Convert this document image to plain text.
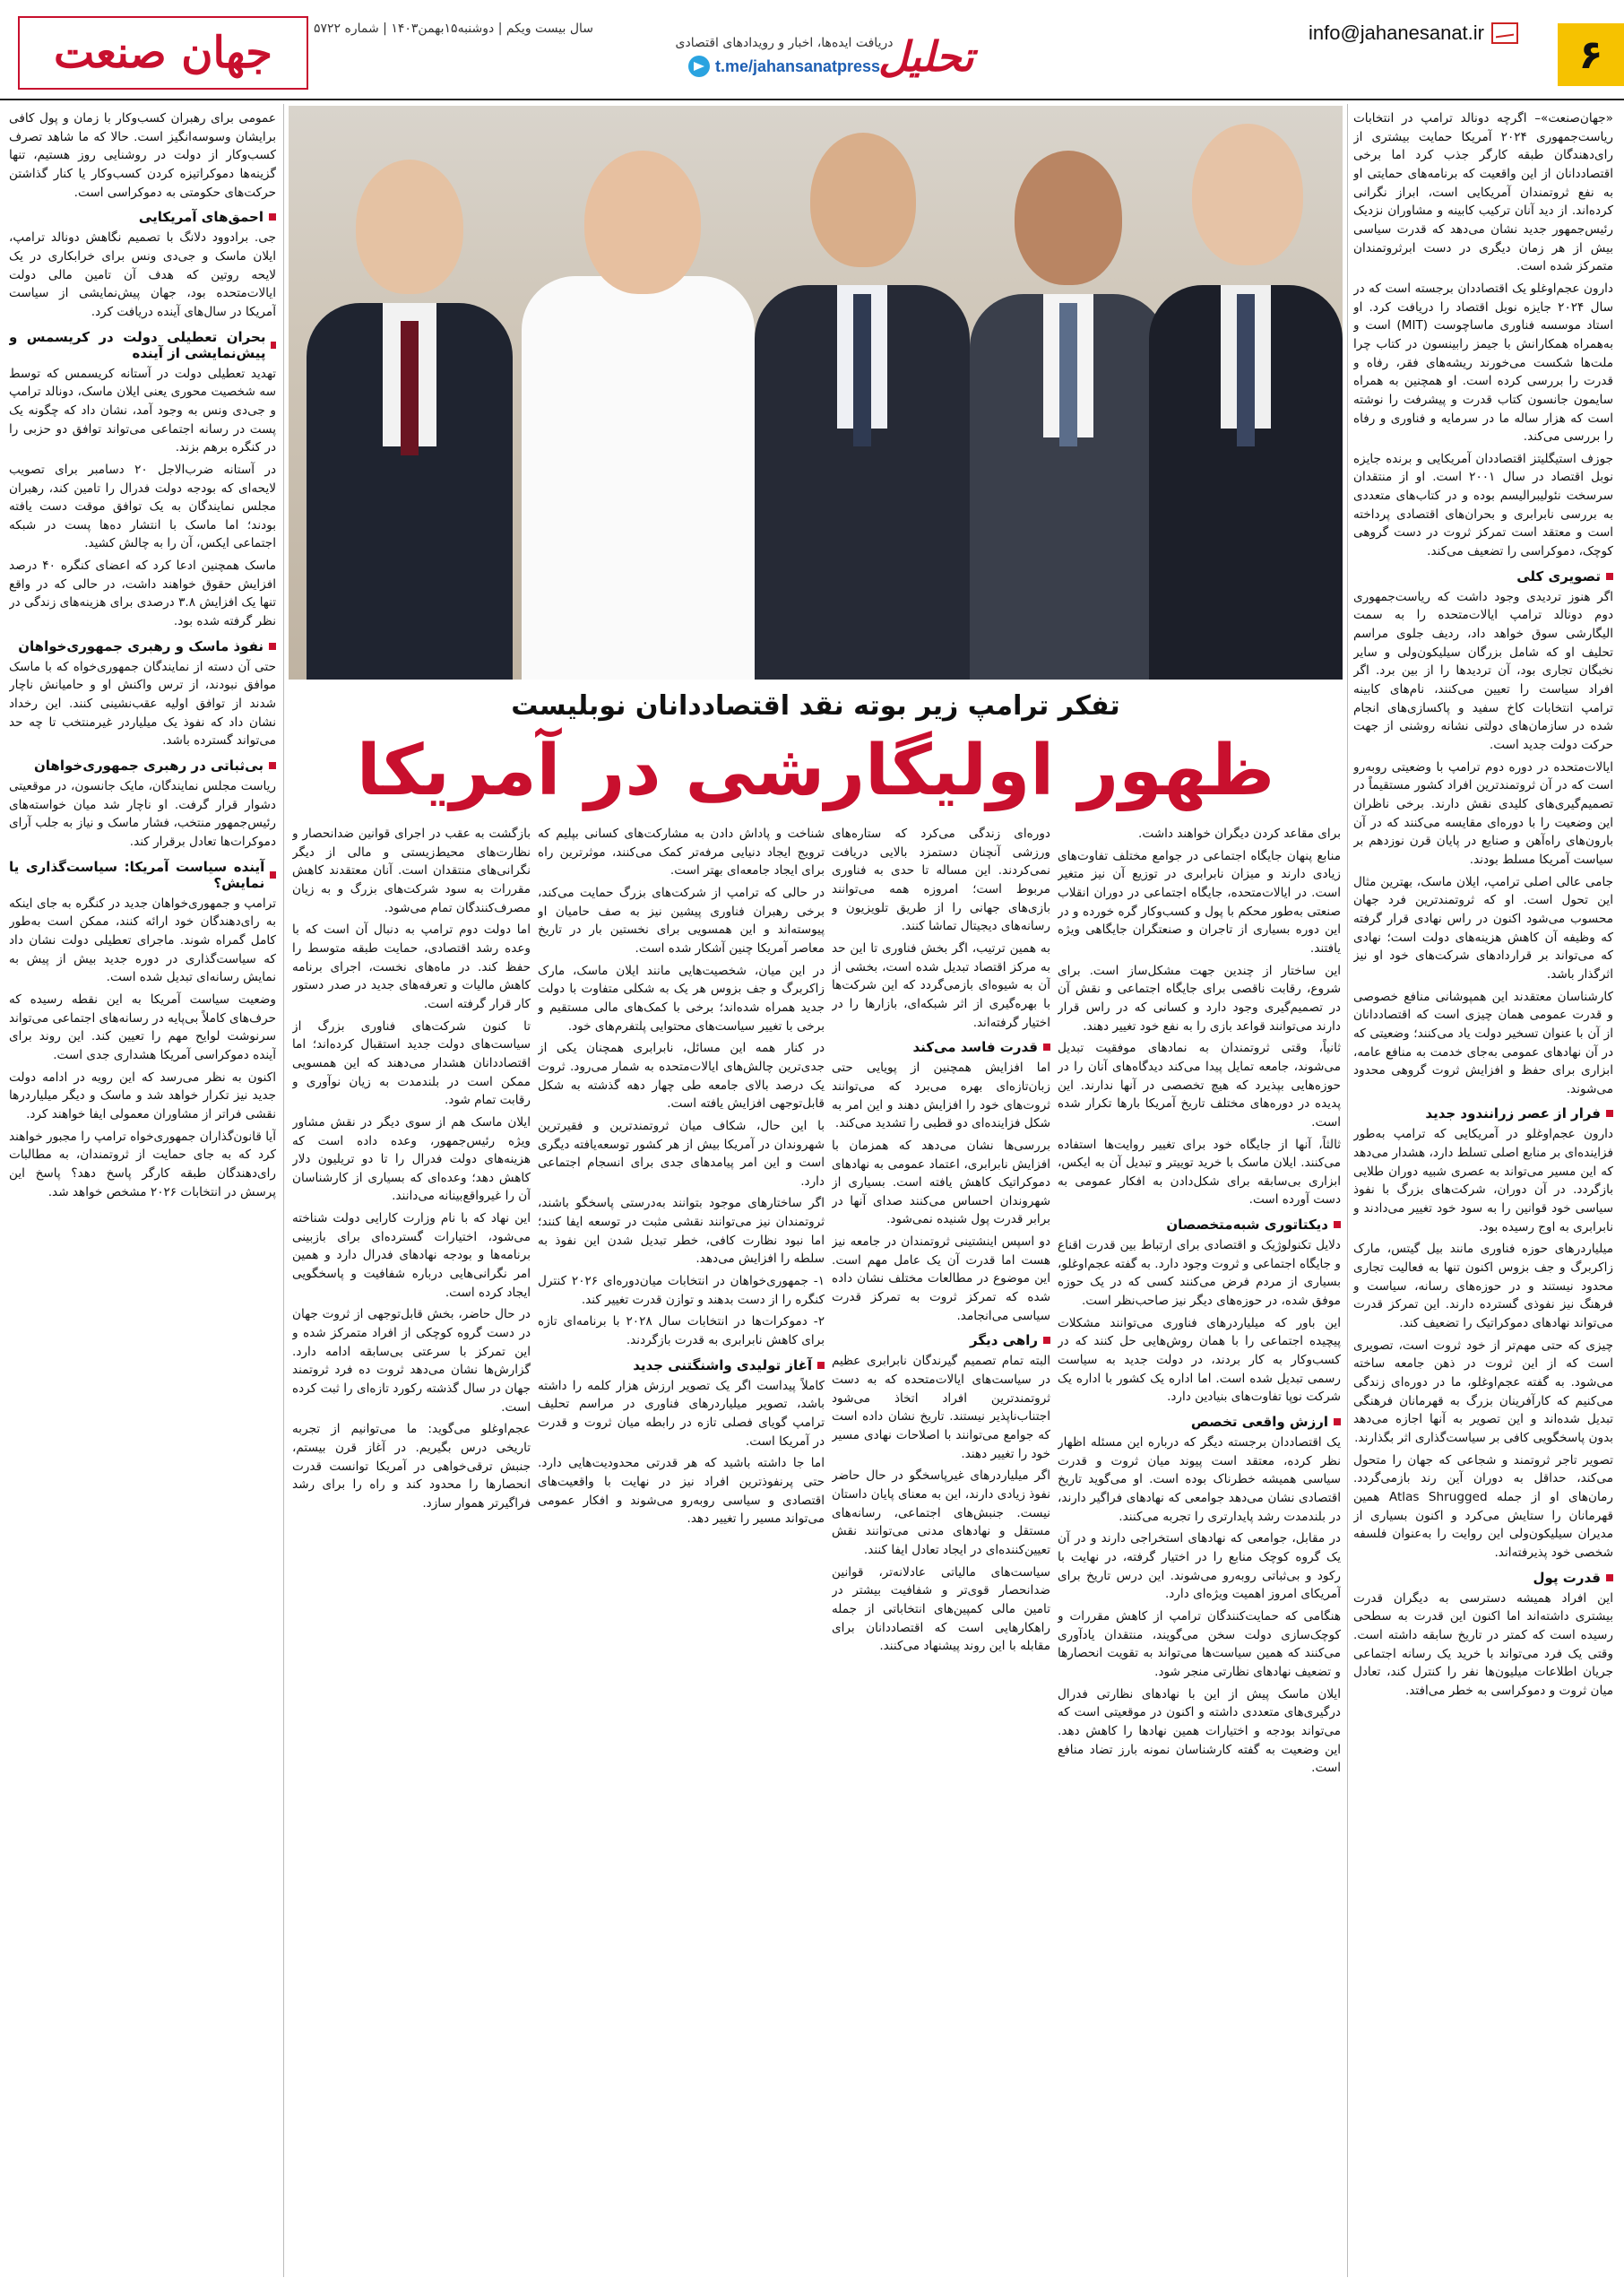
۶
info@jahanesanat.ir
تحلیل
دریافت ایده‌ها، اخبار و رویدادهای اقتصادی
t.me/jahansanatpress
سال بیست ویکم | دوشنبه۱۵بهمن۱۴۰۳ | شماره ۵۷۲۲
جهان صنعت
تفکر ترامپ زیر بوته نقد اقتصاددانان نوبلیست
ظهور اولیگارشی در آمریکا

«جهان‌صنعت»– اگرچه دونالد ترامپ در انتخابات ریاست‌جمهوری ۲۰۲۴ آمریکا حمایت بیشتری از رای‌دهندگان طبقه کارگر جذب کرد اما برخی اقتصاددانان از این واقعیت که برنامه‌های حمایتی او به نفع ثروتمندان آمریکایی است، ابراز نگرانی کرده‌اند. از دید آنان ترکیب کابینه و مشاوران نزدیک رئیس‌جمهور جدید نشان می‌دهد که قدرت سیاسی بیش از هر زمان دیگری در دست ابرثروتمندان متمرکز شده است.

دارون عجم‌اوغلو یک اقتصاددان برجسته است که در سال ۲۰۲۴ جایزه نوبل اقتصاد را دریافت کرد. او استاد موسسه فناوری ماساچوست (MIT) است و به‌همراه همکارانش با جیمز رابینسون در کتاب چرا ملت‌ها شکست می‌خورند ریشه‌های فقر، رفاه و قدرت را بررسی کرده است. او همچنین به همراه سایمون جانسون کتاب قدرت و پیشرفت را نوشته است که هزار ساله ما در سرمایه و فناوری و رفاه را بررسی می‌کند.

جوزف استیگلیتز اقتصاددان آمریکایی و برنده جایزه نوبل اقتصاد در سال ۲۰۰۱ است. او از منتقدان سرسخت نئولیبرالیسم بوده و در کتاب‌های متعددی به بررسی نابرابری و بحران‌های اقتصادی پرداخته است و معتقد است تمرکز ثروت در دست گروهی کوچک، دموکراسی را تضعیف می‌کند.

تصویری کلی

اگر هنوز تردیدی وجود داشت که ریاست‌جمهوری دوم دونالد ترامپ ایالات‌متحده را به سمت الیگارشی سوق خواهد داد، ردیف جلوی مراسم تحلیف او که شامل بزرگان سیلیکون‌ولی و سایر نخبگان تجاری بود، آن تردیدها را از بین برد. اگر افراد سیاست را تعیین می‌کنند، نام‌های کابینه ترامپ انتخابات کاخ سفید و پاکسازی‌های انجام شده در سازمان‌های دولتی نشانه روشنی از جهت حرکت دولت جدید است.

ایالات‌متحده در دوره دوم ترامپ با وضعیتی روبه‌رو است که در آن ثروتمندترین افراد کشور مستقیماً در تصمیم‌گیری‌های کلیدی نقش دارند. برخی ناظران این وضعیت را با دوره‌ای مقایسه می‌کنند که در آن بارون‌های راه‌آهن و صنایع در پایان قرن نوزدهم بر سیاست آمریکا مسلط بودند.

جامی عالی اصلی ترامپ، ایلان ماسک، بهترین مثال این تحول است. او که ثروتمندترین فرد جهان محسوب می‌شود اکنون در راس نهادی قرار گرفته که وظیفه آن کاهش هزینه‌های دولت است؛ نهادی که می‌تواند بر قراردادهای شرکت‌های خود او نیز اثرگذار باشد.

کارشناسان معتقدند این همپوشانی منافع خصوصی و قدرت عمومی همان چیزی است که اقتصاددانان از آن با عنوان تسخیر دولت یاد می‌کنند؛ وضعیتی که در آن نهادهای عمومی به‌جای خدمت به منافع عامه، ابزاری برای حفظ و افزایش ثروت گروهی محدود می‌شوند.

فرار از عصر زرانندود جدید

دارون عجم‌اوغلو در آمریکایی که ترامپ به‌طور فزاینده‌ای بر منابع اصلی تسلط دارد، هشدار می‌دهد که این مسیر می‌تواند به عصری شبیه دوران طلایی بازگردد. در آن دوران، شرکت‌های بزرگ با نفوذ سیاسی خود قوانین را به سود خود تغییر می‌دادند و نابرابری به اوج رسیده بود.

میلیاردرهای حوزه فناوری مانند بیل گیتس، مارک زاکربرگ و جف بزوس اکنون تنها به فعالیت تجاری محدود نیستند و در حوزه‌های رسانه، سیاست و فرهنگ نیز نفوذی گسترده دارند. این تمرکز قدرت می‌تواند نهادهای دموکراتیک را تضعیف کند.

چیزی که حتی مهم‌تر از خود ثروت است، تصویری است که از این ثروت در ذهن جامعه ساخته می‌شود. به گفته عجم‌اوغلو، ما در دوره‌ای زندگی می‌کنیم که کارآفرینان بزرگ به قهرمانان فرهنگی تبدیل شده‌اند و این تصویر به آنها اجازه می‌دهد بدون پاسخگویی کافی بر سیاست‌گذاری اثر بگذارند.

تصویر تاجر ثروتمند و شجاعی که جهان را متحول می‌کند، حداقل به دوران آین رند بازمی‌گردد. رمان‌های او از جمله Atlas Shrugged همین قهرمانان را ستایش می‌کرد و اکنون بسیاری از مدیران سیلیکون‌ولی این روایت را به‌عنوان فلسفه شخصی خود پذیرفته‌اند.

قدرت پول

این افراد همیشه دسترسی به دیگران قدرت بیشتری داشته‌اند اما اکنون این قدرت به سطحی رسیده است که کمتر در تاریخ سابقه داشته است. وقتی یک فرد می‌تواند با خرید یک رسانه اجتماعی جریان اطلاعات میلیون‌ها نفر را کنترل کند، تعادل میان ثروت و دموکراسی به خطر می‌افتد.

برای مقاعد کردن دیگران خواهند داشت.

منابع پنهان جایگاه اجتماعی در جوامع مختلف تفاوت‌های زیادی دارند و میزان نابرابری در توزیع آن نیز متغیر است. در ایالات‌متحده، جایگاه اجتماعی در دوران انقلاب صنعتی به‌طور محکم با پول و کسب‌وکار گره خورده و در این دوره بسیاری از تاجران و صنعتگران جایگاهی ویژه یافتند.

این ساختار از چندین جهت مشکل‌ساز است. برای شروع، رقابت ناقصی برای جایگاه اجتماعی و نقش آن در تصمیم‌گیری وجود دارد و کسانی که در راس قرار دارند می‌توانند قواعد بازی را به نفع خود تغییر دهند.

ثانیاً، وقتی ثروتمندان به نمادهای موفقیت تبدیل می‌شوند، جامعه تمایل پیدا می‌کند دیدگاه‌های آنان را در حوزه‌هایی بپذیرد که هیچ تخصصی در آنها ندارند. این پدیده در دوره‌های مختلف تاریخ آمریکا بارها تکرار شده است.

ثالثاً، آنها از جایگاه خود برای تغییر روایت‌ها استفاده می‌کنند. ایلان ماسک با خرید توییتر و تبدیل آن به ایکس، ابزاری بی‌سابقه برای شکل‌دادن به افکار عمومی به دست آورده است.

دیکتاتوری شبه‌متخصصان

دلایل تکنولوژیک و اقتصادی برای ارتباط بین قدرت اقناع و جایگاه اجتماعی و ثروت وجود دارد. به گفته عجم‌اوغلو، بسیاری از مردم فرض می‌کنند کسی که در یک حوزه موفق شده، در حوزه‌های دیگر نیز صاحب‌نظر است.

این باور که میلیاردرهای فناوری می‌توانند مشکلات پیچیده اجتماعی را با همان روش‌هایی حل کنند که در کسب‌وکار به کار بردند، در دولت جدید به سیاست رسمی تبدیل شده است. اما اداره یک کشور با اداره یک شرکت نوپا تفاوت‌های بنیادین دارد.

ارزش واقعی تخصص

یک اقتصاددان برجسته دیگر که درباره این مسئله اظهار نظر کرده، معتقد است پیوند میان ثروت و قدرت سیاسی همیشه خطرناک بوده است. او می‌گوید تاریخ اقتصادی نشان می‌دهد جوامعی که نهادهای فراگیر دارند، در بلندمدت رشد پایدارتری را تجربه می‌کنند.

در مقابل، جوامعی که نهادهای استخراجی دارند و در آن یک گروه کوچک منابع را در اختیار گرفته، در نهایت با رکود و بی‌ثباتی روبه‌رو می‌شوند. این درس تاریخ برای آمریکای امروز اهمیت ویژه‌ای دارد.

هنگامی که حمایت‌کنندگان ترامپ از کاهش مقررات و کوچک‌سازی دولت سخن می‌گویند، منتقدان یادآوری می‌کنند که همین سیاست‌ها می‌تواند به تقویت انحصارها و تضعیف نهادهای نظارتی منجر شود.

ایلان ماسک پیش از این با نهادهای نظارتی فدرال درگیری‌های متعددی داشته و اکنون در موقعیتی است که می‌تواند بودجه و اختیارات همین نهادها را کاهش دهد. این وضعیت به گفته کارشناسان نمونه بارز تضاد منافع است.

دوره‌ای زندگی می‌کرد که ستاره‌های ورزشی آنچنان دستمزد بالایی دریافت نمی‌کردند. این مساله تا حدی به فناوری مربوط است؛ امروزه همه می‌توانند بازی‌های جهانی را از طریق تلویزیون و رسانه‌های دیجیتال تماشا کنند.

به همین ترتیب، اگر بخش فناوری تا این حد به مرکز اقتصاد تبدیل شده است، بخشی از آن به شیوه‌ای بازمی‌گردد که این شرکت‌ها با بهره‌گیری از اثر شبکه‌ای، بازارها را در اختیار گرفته‌اند.

قدرت فاسد می‌کند

اما افزایش همچنین از پویایی حتی زبان‌تازه‌ای بهره می‌برد که می‌توانند ثروت‌های خود را افزایش دهند و این امر به شکل فزاینده‌ای دو قطبی را تشدید می‌کند.

بررسی‌ها نشان می‌دهد که همزمان با افزایش نابرابری، اعتماد عمومی به نهادهای دموکراتیک کاهش یافته است. بسیاری از شهروندان احساس می‌کنند صدای آنها در برابر قدرت پول شنیده نمی‌شود.

دو اسپس اینشتینی ثروتمندان در جامعه نیز هست اما قدرت آن یک عامل مهم است. این موضوع در مطالعات مختلف نشان داده شده که تمرکز ثروت به تمرکز قدرت سیاسی می‌انجامد.

راهی دیگر

البته تمام تصمیم گیرندگان نابرابری عظیم در سیاست‌های ایالات‌متحده که به دست ثروتمندترین افراد اتخاذ می‌شود اجتناب‌ناپذیر نیستند. تاریخ نشان داده است که جوامع می‌توانند با اصلاحات نهادی مسیر خود را تغییر دهند.

اگر میلیاردرهای غیرپاسخگو در حال حاضر نفوذ زیادی دارند، این به معنای پایان داستان نیست. جنبش‌های اجتماعی، رسانه‌های مستقل و نهادهای مدنی می‌توانند نقش تعیین‌کننده‌ای در ایجاد تعادل ایفا کنند.

سیاست‌های مالیاتی عادلانه‌تر، قوانین ضدانحصار قوی‌تر و شفافیت بیشتر در تامین مالی کمپین‌های انتخاباتی از جمله راهکارهایی است که اقتصاددانان برای مقابله با این روند پیشنهاد می‌کنند.

شناخت و پاداش دادن به مشارکت‌های کسانی بپلیم که ترویج ایجاد دنیایی مرفه‌تر کمک می‌کنند، موثرترین راه برای ایجاد جامعه‌ای بهتر است.

در حالی که ترامپ از شرکت‌های بزرگ حمایت می‌کند، برخی رهبران فناوری پیشین نیز به صف حامیان او پیوسته‌اند و این همسویی برای نخستین بار در تاریخ معاصر آمریکا چنین آشکار شده است.

در این میان، شخصیت‌هایی مانند ایلان ماسک، مارک زاکربرگ و جف بزوس هر یک به شکلی متفاوت با دولت جدید همراه شده‌اند؛ برخی با کمک‌های مالی مستقیم و برخی با تغییر سیاست‌های محتوایی پلتفرم‌های خود.

در کنار همه این مسائل، نابرابری همچنان یکی از جدی‌ترین چالش‌های ایالات‌متحده به شمار می‌رود. ثروت یک درصد بالای جامعه طی چهار دهه گذشته به شکل قابل‌توجهی افزایش یافته است.

با این حال، شکاف میان ثروتمندترین و فقیرترین شهروندان در آمریکا بیش از هر کشور توسعه‌یافته دیگری است و این امر پیامدهای جدی برای انسجام اجتماعی دارد.

اگر ساختارهای موجود بتوانند به‌درستی پاسخگو باشند، ثروتمندان نیز می‌توانند نقشی مثبت در توسعه ایفا کنند؛ اما نبود نظارت کافی، خطر تبدیل شدن این نفوذ به سلطه را افزایش می‌دهد.

۱- جمهوری‌خواهان در انتخابات میان‌دوره‌ای ۲۰۲۶ کنترل کنگره را از دست بدهند و توازن قدرت تغییر کند.

۲- دموکرات‌ها در انتخابات سال ۲۰۲۸ با برنامه‌ای تازه برای کاهش نابرابری به قدرت بازگردند.

آغاز تولیدی واشنگتنی جدید

کاملاً پیداست اگر یک تصویر ارزش هزار کلمه را داشته باشد، تصویر میلیاردرهای فناوری در مراسم تحلیف ترامپ گویای فصلی تازه در رابطه میان ثروت و قدرت در آمریکا است.

اما جا داشته باشید که هر قدرتی محدودیت‌هایی دارد. حتی پرنفوذترین افراد نیز در نهایت با واقعیت‌های اقتصادی و سیاسی روبه‌رو می‌شوند و افکار عمومی می‌تواند مسیر را تغییر دهد.

بازگشت به عقب در اجرای قوانین ضدانحصار و نظارت‌های محیط‌زیستی و مالی از دیگر نگرانی‌های منتقدان است. آنان معتقدند کاهش مقررات به سود شرکت‌های بزرگ و به زیان مصرف‌کنندگان تمام می‌شود.

اما دولت دوم ترامپ به دنبال آن است که با وعده رشد اقتصادی، حمایت طبقه متوسط را حفظ کند. در ماه‌های نخست، اجرای برنامه کاهش مالیات و تعرفه‌های جدید در صدر دستور کار قرار گرفته است.

تا کنون شرکت‌های فناوری بزرگ از سیاست‌های دولت جدید استقبال کرده‌اند؛ اما اقتصاددانان هشدار می‌دهند که این همسویی ممکن است در بلندمدت به زیان نوآوری و رقابت تمام شود.

ایلان ماسک هم از سوی دیگر در نقش مشاور ویژه رئیس‌جمهور، وعده داده است که هزینه‌های دولت فدرال را تا دو تریلیون دلار کاهش دهد؛ وعده‌ای که بسیاری از کارشناسان آن را غیرواقع‌بینانه می‌دانند.

این نهاد که با نام وزارت کارایی دولت شناخته می‌شود، اختیارات گسترده‌ای برای بازبینی برنامه‌ها و بودجه نهادهای فدرال دارد و همین امر نگرانی‌هایی درباره شفافیت و پاسخگویی ایجاد کرده است.

در حال حاضر، بخش قابل‌توجهی از ثروت جهان در دست گروه کوچکی از افراد متمرکز شده و این تمرکز با سرعتی بی‌سابقه ادامه دارد. گزارش‌ها نشان می‌دهد ثروت ده فرد ثروتمند جهان در سال گذشته رکورد تازه‌ای را ثبت کرده است.

عجم‌اوغلو می‌گوید: ما می‌توانیم از تجربه تاریخی درس بگیریم. در آغاز قرن بیستم، جنبش ترقی‌خواهی در آمریکا توانست قدرت انحصارها را محدود کند و راه را برای رشد فراگیرتر هموار سازد.

عمومی برای رهبران کسب‌وکار با زمان و پول کافی برایشان وسوسه‌انگیز است. حالا که ما شاهد تصرف کسب‌وکار از دولت در روشنایی روز هستیم، تنها گزینه‌ها دموکراتیزه کردن کسب‌وکار یا کنار گذاشتن حرکت‌های حکومتی به دموکراسی است.

احمق‌های آمریکایی

جی. برادوود دلانگ با تصمیم نگاهش دونالد ترامپ، ایلان ماسک و جی‌دی ونس برای خرابکاری در یک لایحه روتین که هدف آن تامین مالی دولت ایالات‌متحده بود، جهان پیش‌نمایشی از سیاست آمریکا در سال‌های آینده دریافت کرد.

بحران تعطیلی دولت در کریسمس و پیش‌نمایشی از آینده

تهدید تعطیلی دولت در آستانه کریسمس که توسط سه شخصیت محوری یعنی ایلان ماسک، دونالد ترامپ و جی‌دی ونس به وجود آمد، نشان داد که چگونه یک پست در رسانه اجتماعی می‌تواند توافق دو حزبی را در کنگره برهم بزند.

در آستانه ضرب‌الاجل ۲۰ دسامبر برای تصویب لایحه‌ای که بودجه دولت فدرال را تامین کند، رهبران مجلس نمایندگان به یک توافق موقت دست یافته بودند؛ اما ماسک با انتشار ده‌ها پست در شبکه اجتماعی ایکس، آن را به چالش کشید.

ماسک همچنین ادعا کرد که اعضای کنگره ۴۰ درصد افزایش حقوق خواهند داشت، در حالی که در واقع تنها یک افزایش ۳.۸ درصدی برای هزینه‌های زندگی در نظر گرفته شده بود.

نفوذ ماسک و رهبری جمهوری‌خواهان

حتی آن دسته از نمایندگان جمهوری‌خواه که با ماسک موافق نبودند، از ترس واکنش او و حامیانش ناچار شدند از توافق اولیه عقب‌نشینی کنند. این رخداد نشان داد که نفوذ یک میلیاردر غیرمنتخب تا چه حد می‌تواند گسترده باشد.

بی‌ثباتی در رهبری جمهوری‌خواهان

ریاست مجلس نمایندگان، مایک جانسون، در موقعیتی دشوار قرار گرفت. او ناچار شد میان خواسته‌های رئیس‌جمهور منتخب، فشار ماسک و نیاز به جلب آرای دموکرات‌ها تعادل برقرار کند.

آینده سیاست آمریکا: سیاست‌گذاری یا نمایش؟

ترامپ و جمهوری‌خواهان جدید در کنگره به جای اینکه به رای‌دهندگان خود ارائه کنند، ممکن است به‌طور کامل گمراه شوند. ماجرای تعطیلی دولت نشان داد که سیاست‌گذاری در دوره جدید بیش از پیش به نمایش رسانه‌ای تبدیل شده است.

وضعیت سیاست آمریکا به این نقطه رسیده که حرف‌های کاملاً بی‌پایه در رسانه‌های اجتماعی می‌تواند سرنوشت لوایح مهم را تعیین کند. این روند برای آینده دموکراسی آمریکا هشداری جدی است.

اکنون به نظر می‌رسد که این رویه در ادامه دولت جدید نیز تکرار خواهد شد و ماسک و دیگر میلیاردرها نقشی فراتر از مشاوران معمولی ایفا خواهند کرد.

آیا قانون‌گذاران جمهوری‌خواه ترامپ را مجبور خواهند کرد که به جای حمایت از ثروتمندان، به مطالبات رای‌دهندگان طبقه کارگر پاسخ دهد؟ پاسخ این پرسش در انتخابات ۲۰۲۶ مشخص خواهد شد.
